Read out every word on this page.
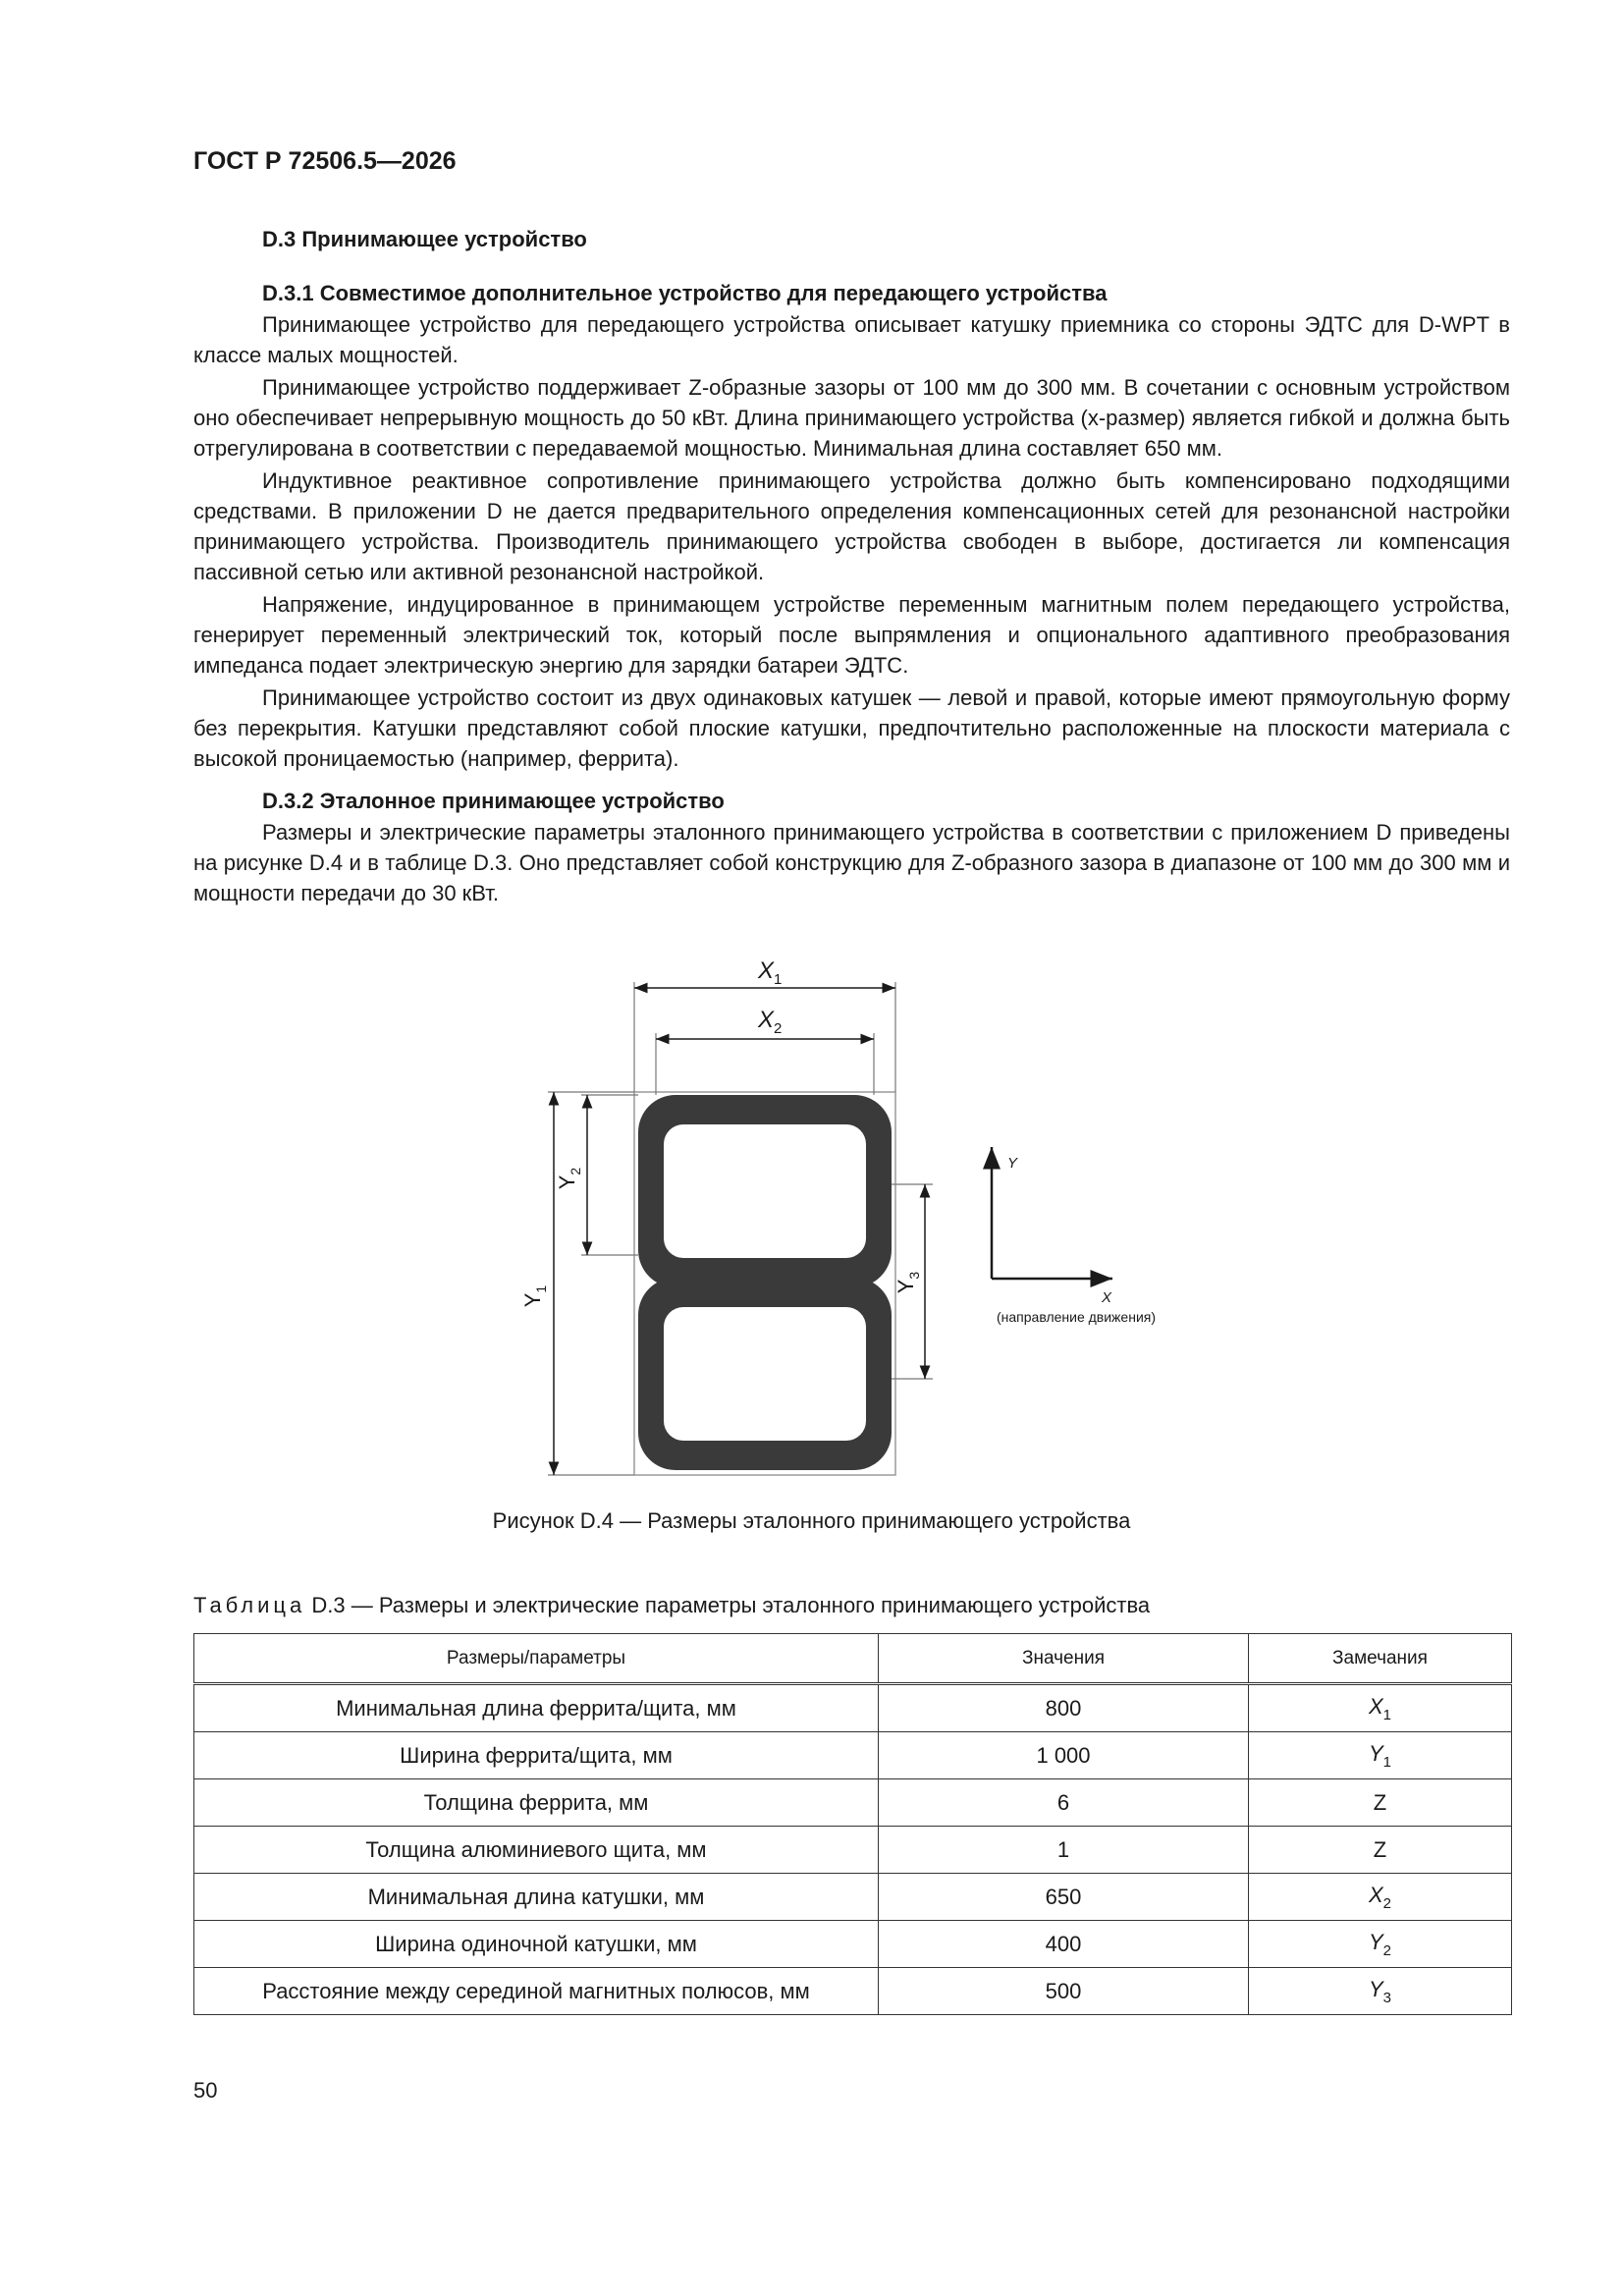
ГОСТ Р 72506.5—2026

D.3 Принимающее устройство

D.3.1 Совместимое дополнительное устройство для передающего устройства

Принимающее устройство для передающего устройства описывает катушку приемника со стороны ЭДТС для D-WPT в классе малых мощностей.

Принимающее устройство поддерживает Z-образные зазоры от 100 мм до 300 мм. В сочетании с основным устройством оно обеспечивает непрерывную мощность до 50 кВт. Длина принимающего устройства (x-размер) является гибкой и должна быть отрегулирована в соответствии с передаваемой мощностью. Минимальная длина составляет 650 мм.

Индуктивное реактивное сопротивление принимающего устройства должно быть компенсировано подходящими средствами. В приложении D не дается предварительного определения компенсационных сетей для резонансной настройки принимающего устройства. Производитель принимающего устройства свободен в выборе, достигается ли компенсация пассивной сетью или активной резонансной настройкой.

Напряжение, индуцированное в принимающем устройстве переменным магнитным полем передающего устройства, генерирует переменный электрический ток, который после выпрямления и опционального адаптивного преобразования импеданса подает электрическую энергию для зарядки батареи ЭДТС.

Принимающее устройство состоит из двух одинаковых катушек — левой и правой, которые имеют прямоугольную форму без перекрытия. Катушки представляют собой плоские катушки, предпочтительно расположенные на плоскости материала с высокой проницаемостью (например, феррита).

D.3.2 Эталонное принимающее устройство

Размеры и электрические параметры эталонного принимающего устройства в соответствии с приложением D приведены на рисунке D.4 и в таблице D.3. Оно представляет собой конструкцию для Z-образного зазора в диапазоне от 100 мм до 300 мм и мощности передачи до 30 кВт.

$X_1$
$X_2$
$Y_1$
$Y_2$
$Y_3$
Y
X
(направление движения)
Рисунок D.4 — Размеры эталонного принимающего устройства
Таблица D.3 — Размеры и электрические параметры эталонного принимающего устройства
Размеры/параметры	Значения	Замечания
Минимальная длина феррита/щита, мм	800	$X_1$
Ширина феррита/щита, мм	1 000	$Y_1$
Толщина феррита, мм	6	Z
Толщина алюминиевого щита, мм	1	Z
Минимальная длина катушки, мм	650	$X_2$
Ширина одиночной катушки, мм	400	$Y_2$
Расстояние между серединой магнитных полюсов, мм	500	$Y_3$
50
